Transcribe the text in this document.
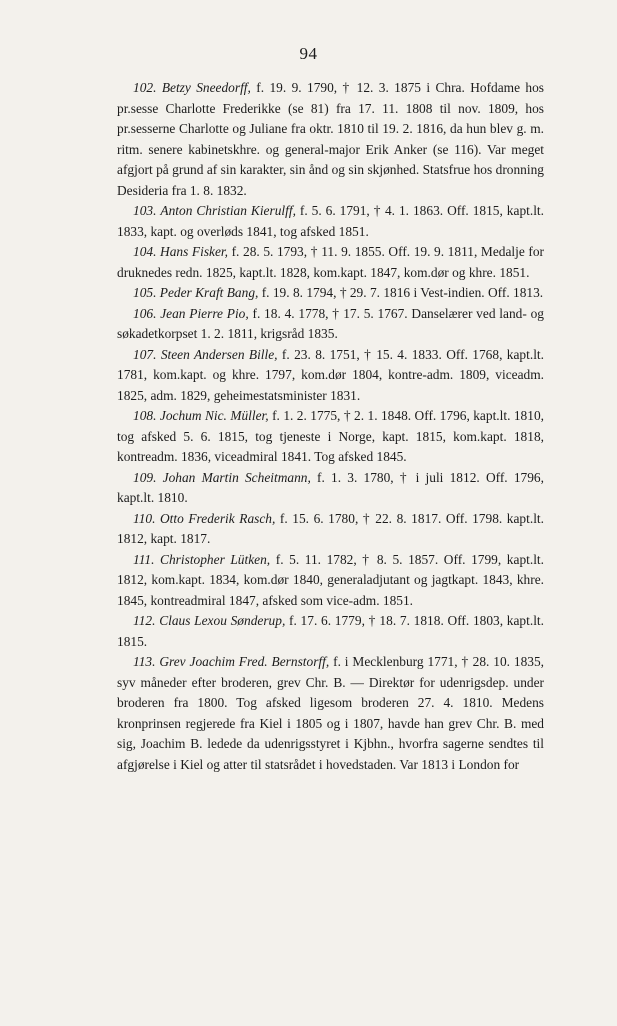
94

102. Betzy Sneedorff, f. 19. 9. 1790, † 12. 3. 1875 i Chra. Hofdame hos pr.sesse Charlotte Frederikke (se 81) fra 17. 11. 1808 til nov. 1809, hos pr.sesserne Charlotte og Juliane fra oktr. 1810 til 19. 2. 1816, da hun blev g. m. ritm. senere kabinetskhre. og general-major Erik Anker (se 116). Var meget afgjort på grund af sin karakter, sin ånd og sin skjønhed. Statsfrue hos dronning Desideria fra 1. 8. 1832.

103. Anton Christian Kierulff, f. 5. 6. 1791, † 4. 1. 1863. Off. 1815, kapt.lt. 1833, kapt. og overløds 1841, tog afsked 1851.

104. Hans Fisker, f. 28. 5. 1793, † 11. 9. 1855. Off. 19. 9. 1811, Medalje for druknedes redn. 1825, kapt.lt. 1828, kom.kapt. 1847, kom.dør og khre. 1851.

105. Peder Kraft Bang, f. 19. 8. 1794, † 29. 7. 1816 i Vest-indien. Off. 1813.

106. Jean Pierre Pio, f. 18. 4. 1778, † 17. 5. 1767. Danselærer ved land- og søkadetkorpset 1. 2. 1811, krigsråd 1835.

107. Steen Andersen Bille, f. 23. 8. 1751, † 15. 4. 1833. Off. 1768, kapt.lt. 1781, kom.kapt. og khre. 1797, kom.dør 1804, kontre-adm. 1809, viceadm. 1825, adm. 1829, geheimestatsminister 1831.

108. Jochum Nic. Müller, f. 1. 2. 1775, † 2. 1. 1848. Off. 1796, kapt.lt. 1810, tog afsked 5. 6. 1815, tog tjeneste i Norge, kapt. 1815, kom.kapt. 1818, kontreadm. 1836, viceadmiral 1841. Tog afsked 1845.

109. Johan Martin Scheitmann, f. 1. 3. 1780, † i juli 1812. Off. 1796, kapt.lt. 1810.

110. Otto Frederik Rasch, f. 15. 6. 1780, † 22. 8. 1817. Off. 1798. kapt.lt. 1812, kapt. 1817.

111. Christopher Lütken, f. 5. 11. 1782, † 8. 5. 1857. Off. 1799, kapt.lt. 1812, kom.kapt. 1834, kom.dør 1840, generaladjutant og jagtkapt. 1843, khre. 1845, kontreadmiral 1847, afsked som vice-adm. 1851.

112. Claus Lexou Sønderup, f. 17. 6. 1779, † 18. 7. 1818. Off. 1803, kapt.lt. 1815.

113. Grev Joachim Fred. Bernstorff, f. i Mecklenburg 1771, † 28. 10. 1835, syv måneder efter broderen, grev Chr. B. — Direktør for udenrigsdep. under broderen fra 1800. Tog afsked ligesom broderen 27. 4. 1810. Medens kronprinsen regjerede fra Kiel i 1805 og i 1807, havde han grev Chr. B. med sig, Joachim B. ledede da udenrigsstyret i Kjbhn., hvorfra sagerne sendtes til afgjørelse i Kiel og atter til statsrådet i hovedstaden. Var 1813 i London for
